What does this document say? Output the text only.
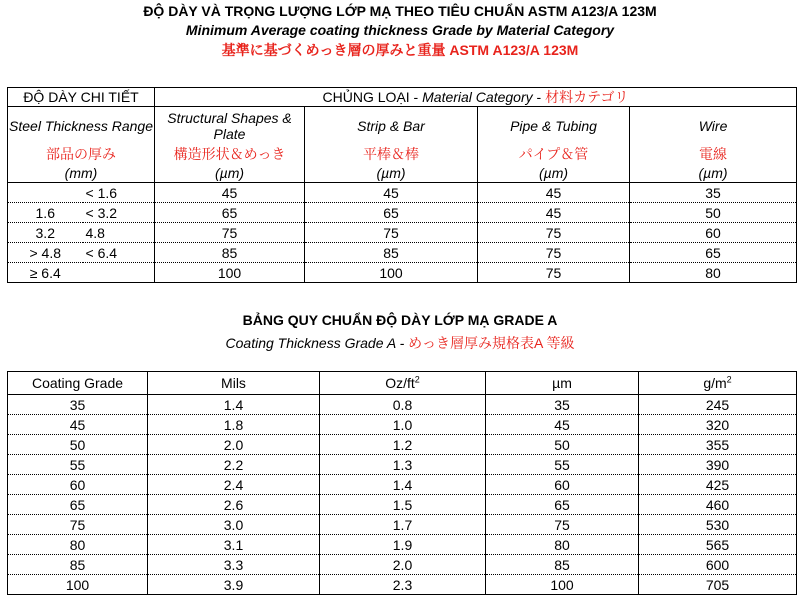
ĐỘ DÀY VÀ TRỌNG LƯỢNG LỚP MẠ THEO TIÊU CHUẨN ASTM A123/A 123M
Minimum Average coating thickness Grade by Material Category
基準に基づくめっき層の厚みと重量 ASTM A123/A 123M
ĐỘ DÀY CHI TIẾT		CHỦNG LOẠI - Material Category - 材料カテゴリ			
Steel Thickness Range		Structural Shapes & Plate	Strip & Bar	Pipe & Tubing	Wire
部品の厚み		構造形状＆めっき	平棒＆棒	パイプ＆管	電線
(mm)		(µm)	(µm)	(µm)	(µm)
	< 1.6	45	45	45	35
1.6	< 3.2	65	65	45	50
3.2	4.8	75	75	75	60
> 4.8	< 6.4	85	85	75	65
≥ 6.4		100	100	75	80
BẢNG QUY CHUẨN ĐỘ DÀY LỚP MẠ GRADE A
Coating Thickness Grade A - めっき層厚み規格表A 等級
Coating Grade	Mils	$Oz/ft^2$	µm	$g/m^2$
35	1.4	0.8	35	245
45	1.8	1.0	45	320
50	2.0	1.2	50	355
55	2.2	1.3	55	390
60	2.4	1.4	60	425
65	2.6	1.5	65	460
75	3.0	1.7	75	530
80	3.1	1.9	80	565
85	3.3	2.0	85	600
100	3.9	2.3	100	705
